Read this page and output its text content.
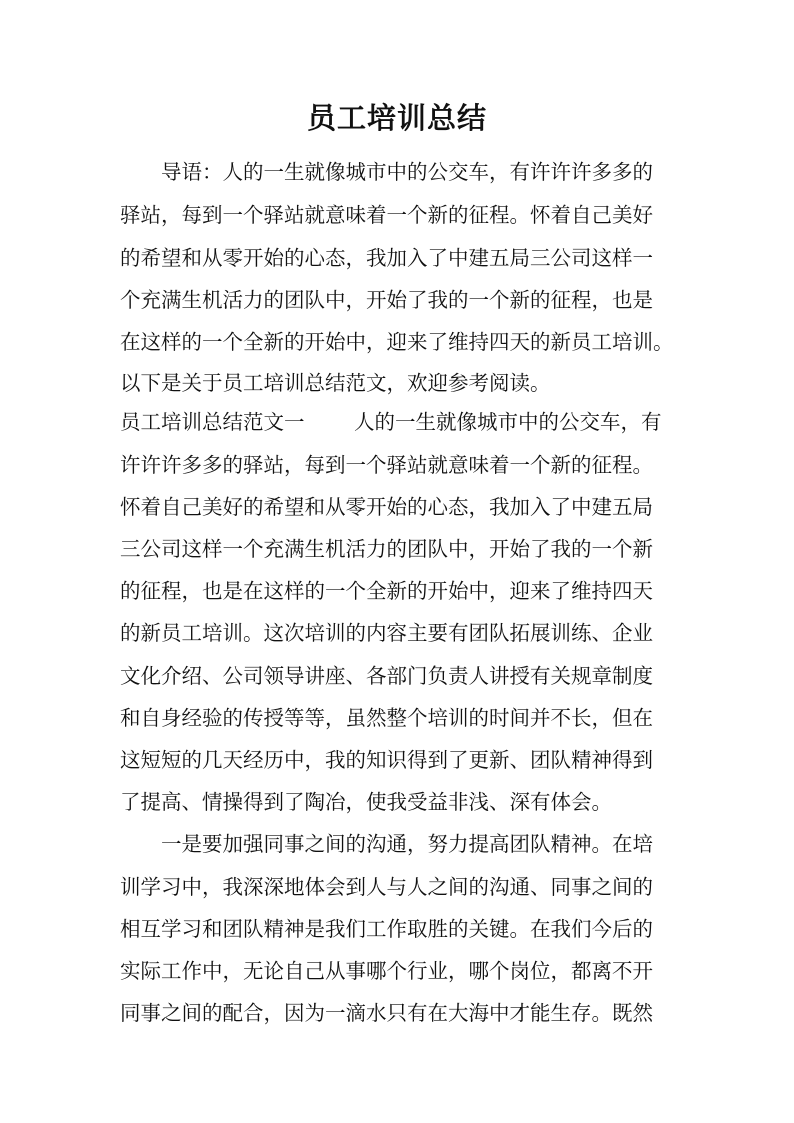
员工培训总结
导语：人的一生就像城市中的公交车，有许许许多多的
驿站，每到一个驿站就意味着一个新的征程。怀着自己美好
的希望和从零开始的心态，我加入了中建五局三公司这样一
个充满生机活力的团队中，开始了我的一个新的征程，也是
在这样的一个全新的开始中，迎来了维持四天的新员工培训。
以下是关于员工培训总结范文，欢迎参考阅读。
员工培训总结范文一 人的一生就像城市中的公交车，有
许许许多多的驿站，每到一个驿站就意味着一个新的征程。
怀着自己美好的希望和从零开始的心态，我加入了中建五局
三公司这样一个充满生机活力的团队中，开始了我的一个新
的征程，也是在这样的一个全新的开始中，迎来了维持四天
的新员工培训。这次培训的内容主要有团队拓展训练、企业
文化介绍、公司领导讲座、各部门负责人讲授有关规章制度
和自身经验的传授等等，虽然整个培训的时间并不长，但在
这短短的几天经历中，我的知识得到了更新、团队精神得到
了提高、情操得到了陶冶，使我受益非浅、深有体会。
一是要加强同事之间的沟通，努力提高团队精神。在培
训学习中，我深深地体会到人与人之间的沟通、同事之间的
相互学习和团队精神是我们工作取胜的关键。在我们今后的
实际工作中，无论自己从事哪个行业，哪个岗位，都离不开
同事之间的配合，因为一滴水只有在大海中才能生存。既然
